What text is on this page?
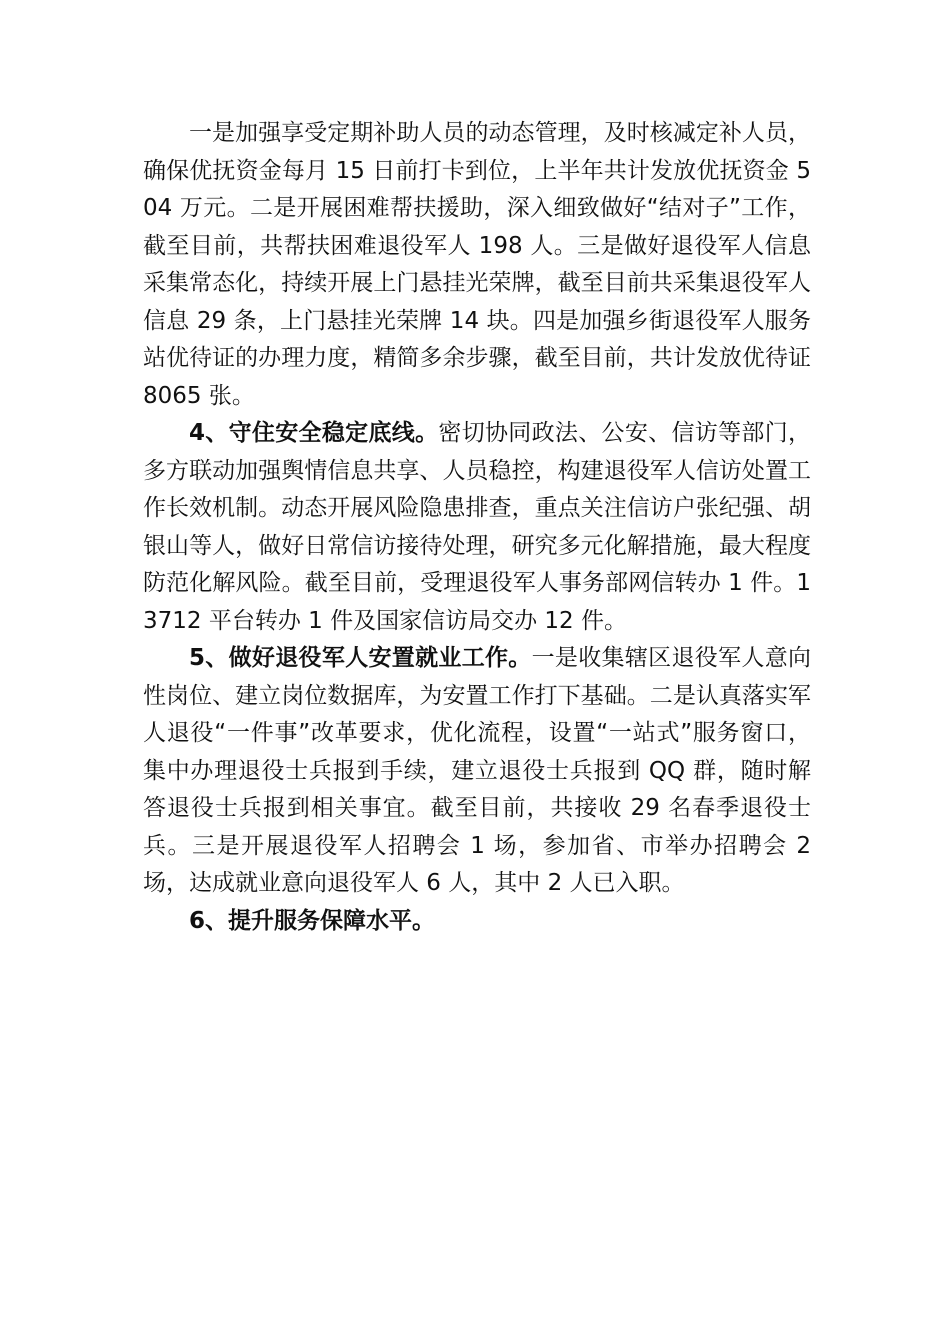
一是加强享受定期补助人员的动态管理，及时核减定补人员，确保优抚资金每月 15 日前打卡到位，上半年共计发放优抚资金 504 万元。二是开展困难帮扶援助，深入细致做好“结对子”工作，截至目前，共帮扶困难退役军人 198 人。三是做好退役军人信息采集常态化，持续开展上门悬挂光荣牌，截至目前共采集退役军人信息 29 条，上门悬挂光荣牌 14 块。四是加强乡街退役军人服务站优待证的办理力度，精简多余步骤，截至目前，共计发放优待证 8065 张。

4、守住安全稳定底线。密切协同政法、公安、信访等部门，多方联动加强舆情信息共享、人员稳控，构建退役军人信访处置工作长效机制。动态开展风险隐患排查，重点关注信访户张纪强、胡银山等人，做好日常信访接待处理，研究多元化解措施，最大程度防范化解风险。截至目前，受理退役军人事务部网信转办 1 件。13712 平台转办 1 件及国家信访局交办 12 件。

5、做好退役军人安置就业工作。一是收集辖区退役军人意向性岗位、建立岗位数据库，为安置工作打下基础。二是认真落实军人退役“一件事”改革要求，优化流程，设置“一站式”服务窗口，集中办理退役士兵报到手续，建立退役士兵报到 QQ 群，随时解答退役士兵报到相关事宜。截至目前，共接收 29 名春季退役士兵。三是开展退役军人招聘会 1 场，参加省、市举办招聘会 2 场，达成就业意向退役军人 6 人，其中 2 人已入职。

6、提升服务保障水平。
